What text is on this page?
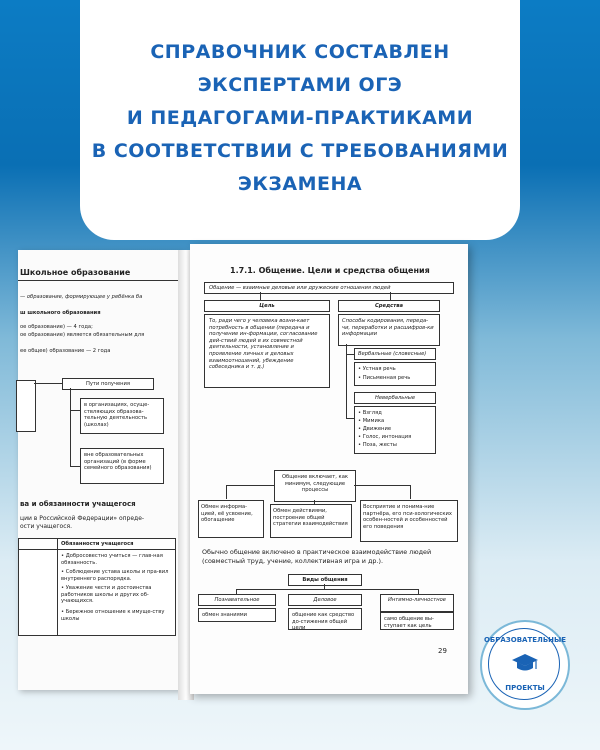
СПРАВОЧНИК СОСТАВЛЕН
ЭКСПЕРТАМИ ОГЭ
И ПЕДАГОГАМИ-ПРАКТИКАМИ
В СООТВЕТСТВИИ С ТРЕБОВАНИЯМИ
ЭКЗАМЕНА
Школьное образование
— образование, формирующее у ребёнка ба
ш школьного образования
ое образование) — 4 года;
ое образование) является обязательным для
ее общее) образование — 2 года
Пути получения
в организациях, осуще-ствляющих образова-тельную деятельность (школах)
вне образовательных организаций (в форме семейного образования)
ва и обязанности учащегося
ции в Российской Федерации» опреде-
ости учащегося.
Обязанности учащегося
• Добросовестно учиться — глав-ная обязанность.
• Соблюдение устава школы и пра-вил внутреннего распорядка.
• Уважение чести и достоинства работников школы и других об-учающихся.
• Бережное отношение к имуще-ству школы
1.7.1. Общение. Цели и средства общения
Общение — взаимные деловые или дружеские отношения людей
Цель
То, ради чего у человека возни-кает потребность в общении (передача и получение ин-формации, согласование дей-ствий людей в их совместной деятельности, установление и проявление личных и деловых взаимоотношений, убеждение собеседника и т. д.)
Средства
Способы кодирования, переда-чи, переработки и расшифров-ки информации
Вербальные (словесные)
• Устная речь
• Письменная речь
Невербальные
• Взгляд
• Мимика
• Движение
• Голос, интонация
• Поза, жесты
Общение включает, как минимум, следующие процессы
Обмен информа-цией, её усвоение, обогащение
Обмен действиями, построение общей стратегии взаимодействия
Восприятие и понима-ние партнёра, его пси-хологических особен-ностей и особенностей его поведения
Обычно общение включено в практическое взаимодействие людей (совместный труд, учение, коллективная игра и др.).
Виды общения
Познавательное
обмен знаниями
Деловое
общение как средство до-стижения общей цели
Интимно-личностное
само общение вы-ступает как цель
29
ОБРАЗОВАТЕЛЬНЫЕ
ПРОЕКТЫ
